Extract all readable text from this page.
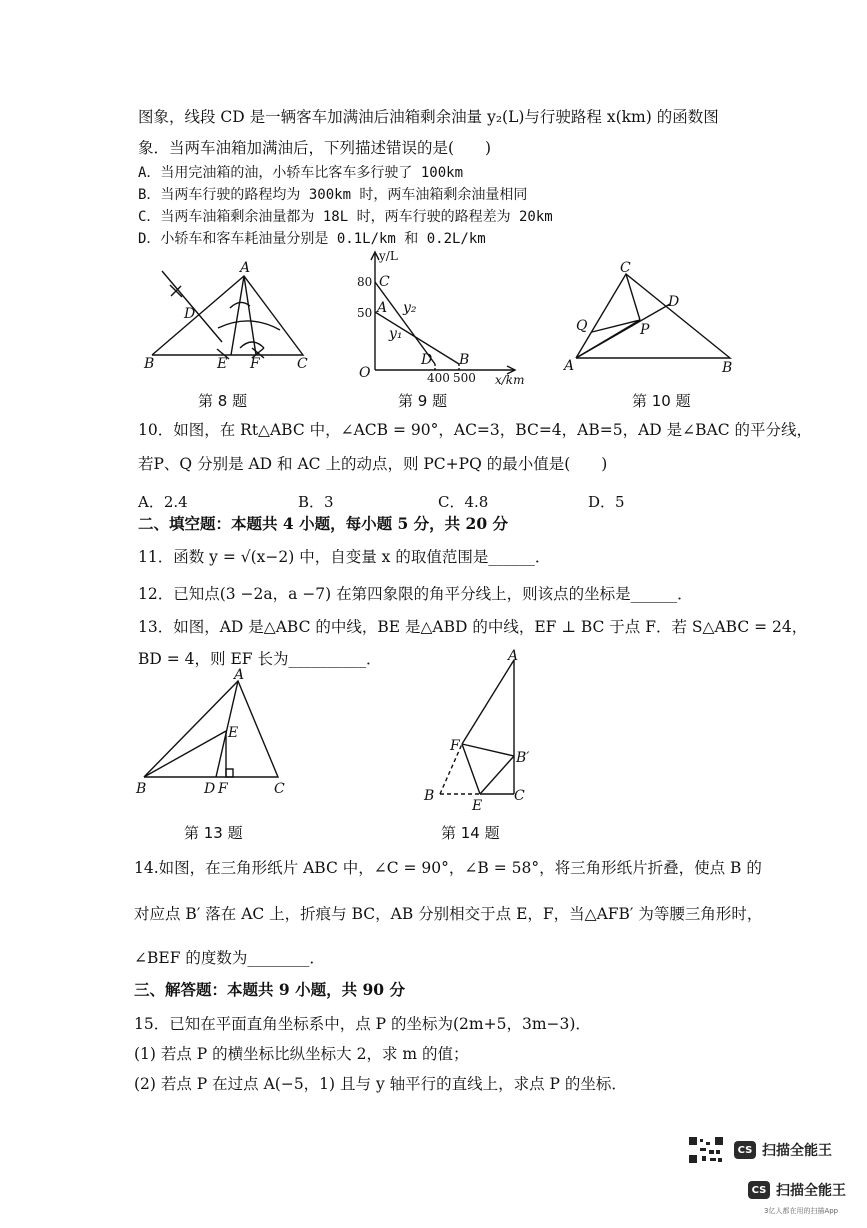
图象，线段 CD 是一辆客车加满油后油箱剩余油量 y₂(L)与行驶路程 x(km) 的函数图
象．当两车油箱加满油后，下列描述错误的是(　　)
A．当用完油箱的油，小轿车比客车多行驶了 100km
B．当两车行驶的路程均为 300km 时，两车油箱剩余油量相同
C．当两车油箱剩余油量都为 18L 时，两车行驶的路程差为 20km
D．小轿车和客车耗油量分别是 0.1L/km 和 0.2L/km
A
B	C
D
E F
第 8 题
y/L
x/km
O
80
50
C
A y₂
y₁
D B
400 500
第 9 题
C
D
Q	P
A	B
第 10 题
10．如图，在 Rt△ABC 中，∠ACB = 90°，AC=3，BC=4，AB=5，AD 是∠BAC 的平分线，
若P、Q 分别是 AD 和 AC 上的动点，则 PC+PQ 的最小值是(　　)
A．2.4	B．3	C．4.8	D．5
二、填空题：本题共 4 小题，每小题 5 分，共 20 分
11．函数 y = √(x−2) 中，自变量 x 的取值范围是______．
12．已知点(3 −2a，a −7) 在第四象限的角平分线上，则该点的坐标是______．
13．如图，AD 是△ABC 的中线，BE 是△ABD 的中线，EF ⊥ BC 于点 F．若 S△ABC = 24，
BD = 4，则 EF 长为__________．
A
E
B	D F	C
第 13 题
A
F
B′
B
E
C
第 14 题
14.如图，在三角形纸片 ABC 中，∠C = 90°，∠B = 58°，将三角形纸片折叠，使点 B 的
对应点 B′ 落在 AC 上，折痕与 BC，AB 分别相交于点 E，F，当△AFB′ 为等腰三角形时，
∠BEF 的度数为________．
三、解答题：本题共 9 小题，共 90 分
15．已知在平面直角坐标系中，点 P 的坐标为(2m+5，3m−3)．
(1) 若点 P 的横坐标比纵坐标大 2，求 m 的值；
(2) 若点 P 在过点 A(−5，1) 且与 y 轴平行的直线上，求点 P 的坐标．
CS 扫描全能王
CS 扫描全能王
3亿人都在用的扫描App
